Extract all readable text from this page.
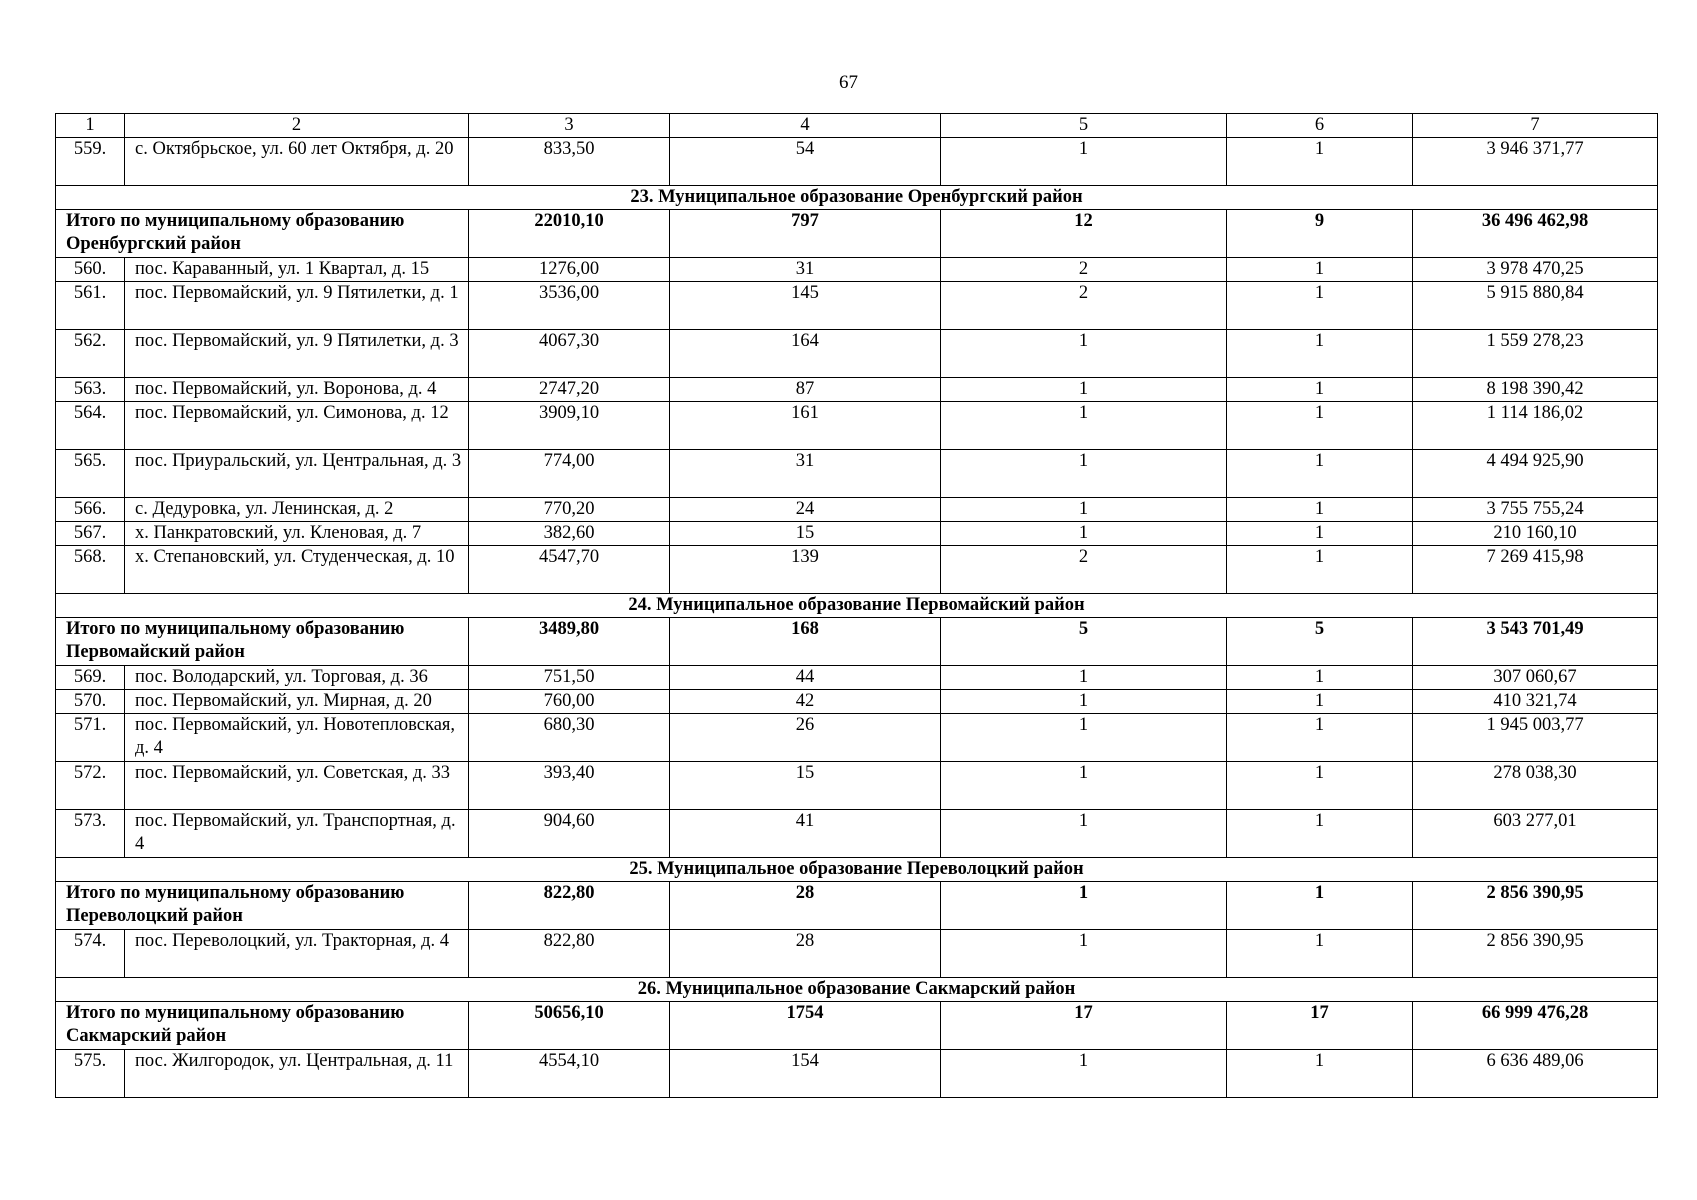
67
1	2	3	4	5	6	7
559.	с. Октябрьское, ул. 60 лет Октября, д. 20	833,50	54	1	1	3 946 371,77
23. Муниципальное образование Оренбургский район						
Итого по муниципальному образованию Оренбургский район		22010,10	797	12	9	36 496 462,98
560.	пос. Караванный, ул. 1 Квартал, д. 15	1276,00	31	2	1	3 978 470,25
561.	пос. Первомайский, ул. 9 Пятилетки, д. 1	3536,00	145	2	1	5 915 880,84
562.	пос. Первомайский, ул. 9 Пятилетки, д. 3	4067,30	164	1	1	1 559 278,23
563.	пос. Первомайский, ул. Воронова, д. 4	2747,20	87	1	1	8 198 390,42
564.	пос. Первомайский, ул. Симонова, д. 12	3909,10	161	1	1	1 114 186,02
565.	пос. Приуральский, ул. Центральная, д. 3	774,00	31	1	1	4 494 925,90
566.	с. Дедуровка, ул. Ленинская, д. 2	770,20	24	1	1	3 755 755,24
567.	х. Панкратовский, ул. Кленовая, д. 7	382,60	15	1	1	210 160,10
568.	х. Степановский, ул. Студенческая, д. 10	4547,70	139	2	1	7 269 415,98
24. Муниципальное образование Первомайский район						
Итого по муниципальному образованию Первомайский район		3489,80	168	5	5	3 543 701,49
569.	пос. Володарский, ул. Торговая, д. 36	751,50	44	1	1	307 060,67
570.	пос. Первомайский, ул. Мирная, д. 20	760,00	42	1	1	410 321,74
571.	пос. Первомайский, ул. Новотепловская, д. 4	680,30	26	1	1	1 945 003,77
572.	пос. Первомайский, ул. Советская, д. 33	393,40	15	1	1	278 038,30
573.	пос. Первомайский, ул. Транспортная, д. 4	904,60	41	1	1	603 277,01
25. Муниципальное образование Переволоцкий район						
Итого по муниципальному образованию Переволоцкий район		822,80	28	1	1	2 856 390,95
574.	пос. Переволоцкий, ул. Тракторная, д. 4	822,80	28	1	1	2 856 390,95
26. Муниципальное образование Сакмарский район						
Итого по муниципальному образованию Сакмарский район		50656,10	1754	17	17	66 999 476,28
575.	пос. Жилгородок, ул. Центральная, д. 11	4554,10	154	1	1	6 636 489,06
